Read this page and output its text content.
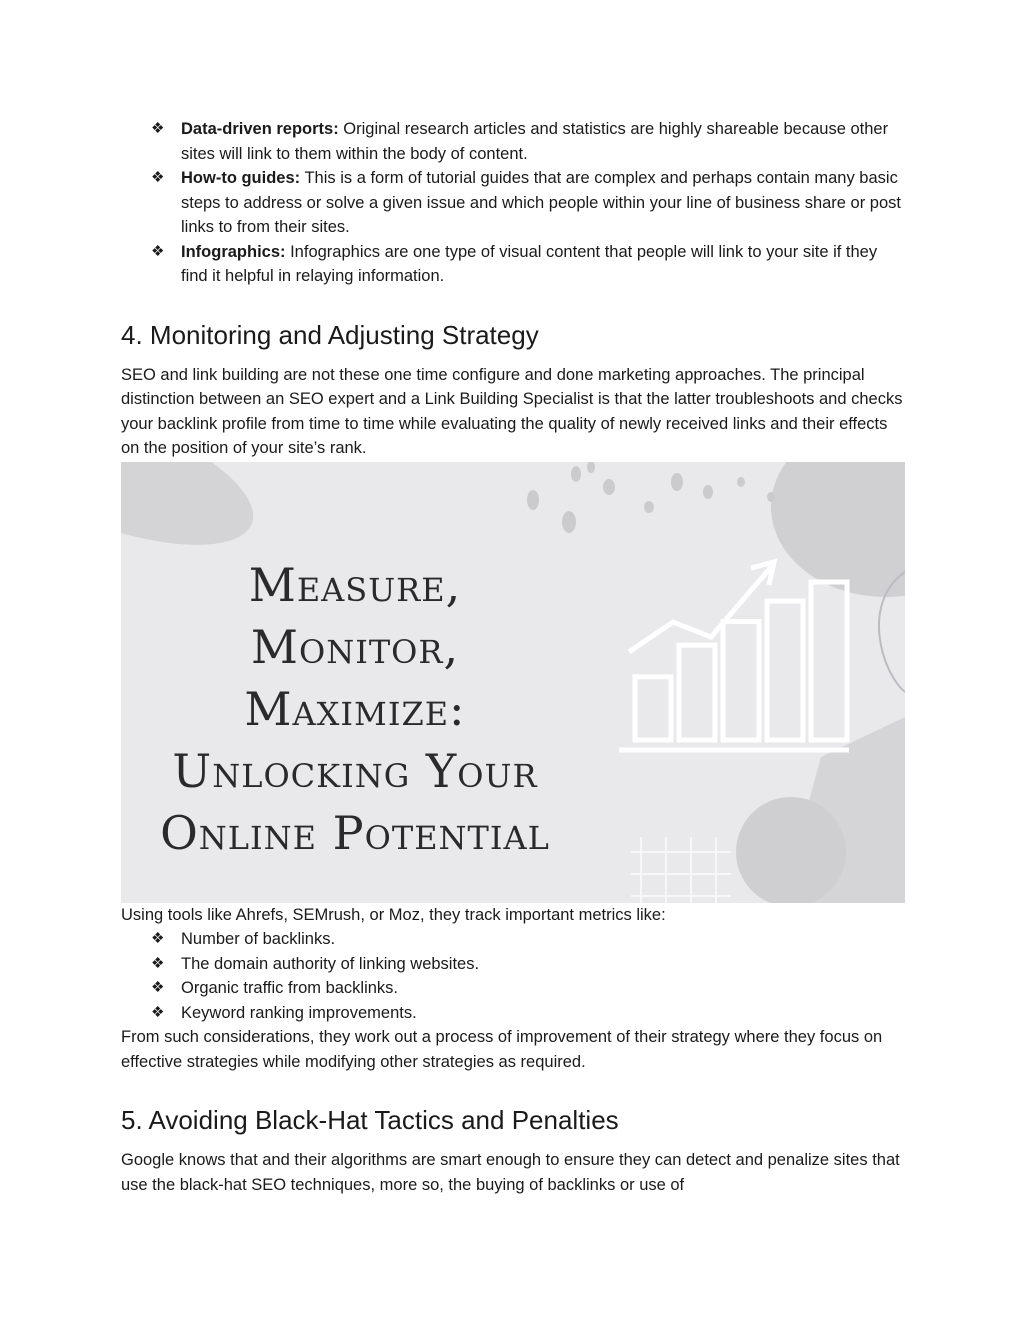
❖ Data-driven reports: Original research articles and statistics are highly shareable because other sites will link to them within the body of content.
❖ How-to guides: This is a form of tutorial guides that are complex and perhaps contain many basic steps to address or solve a given issue and which people within your line of business share or post links to from their sites.
❖ Infographics: Infographics are one type of visual content that people will link to your site if they find it helpful in relaying information.
4. Monitoring and Adjusting Strategy

SEO and link building are not these one time configure and done marketing approaches. The principal distinction between an SEO expert and a Link Building Specialist is that the latter troubleshoots and checks your backlink profile from time to time while evaluating the quality of newly received links and their effects on the position of your site’s rank.

Measure,
Monitor,
Maximize:
Unlocking Your
Online Potential

Using tools like Ahrefs, SEMrush, or Moz, they track important metrics like:

❖ Number of backlinks.
❖ The domain authority of linking websites.
❖ Organic traffic from backlinks.
❖ Keyword ranking improvements.

From such considerations, they work out a process of improvement of their strategy where they focus on effective strategies while modifying other strategies as required.

5. Avoiding Black-Hat Tactics and Penalties

Google knows that and their algorithms are smart enough to ensure they can detect and penalize sites that use the black-hat SEO techniques, more so, the buying of backlinks or use of
